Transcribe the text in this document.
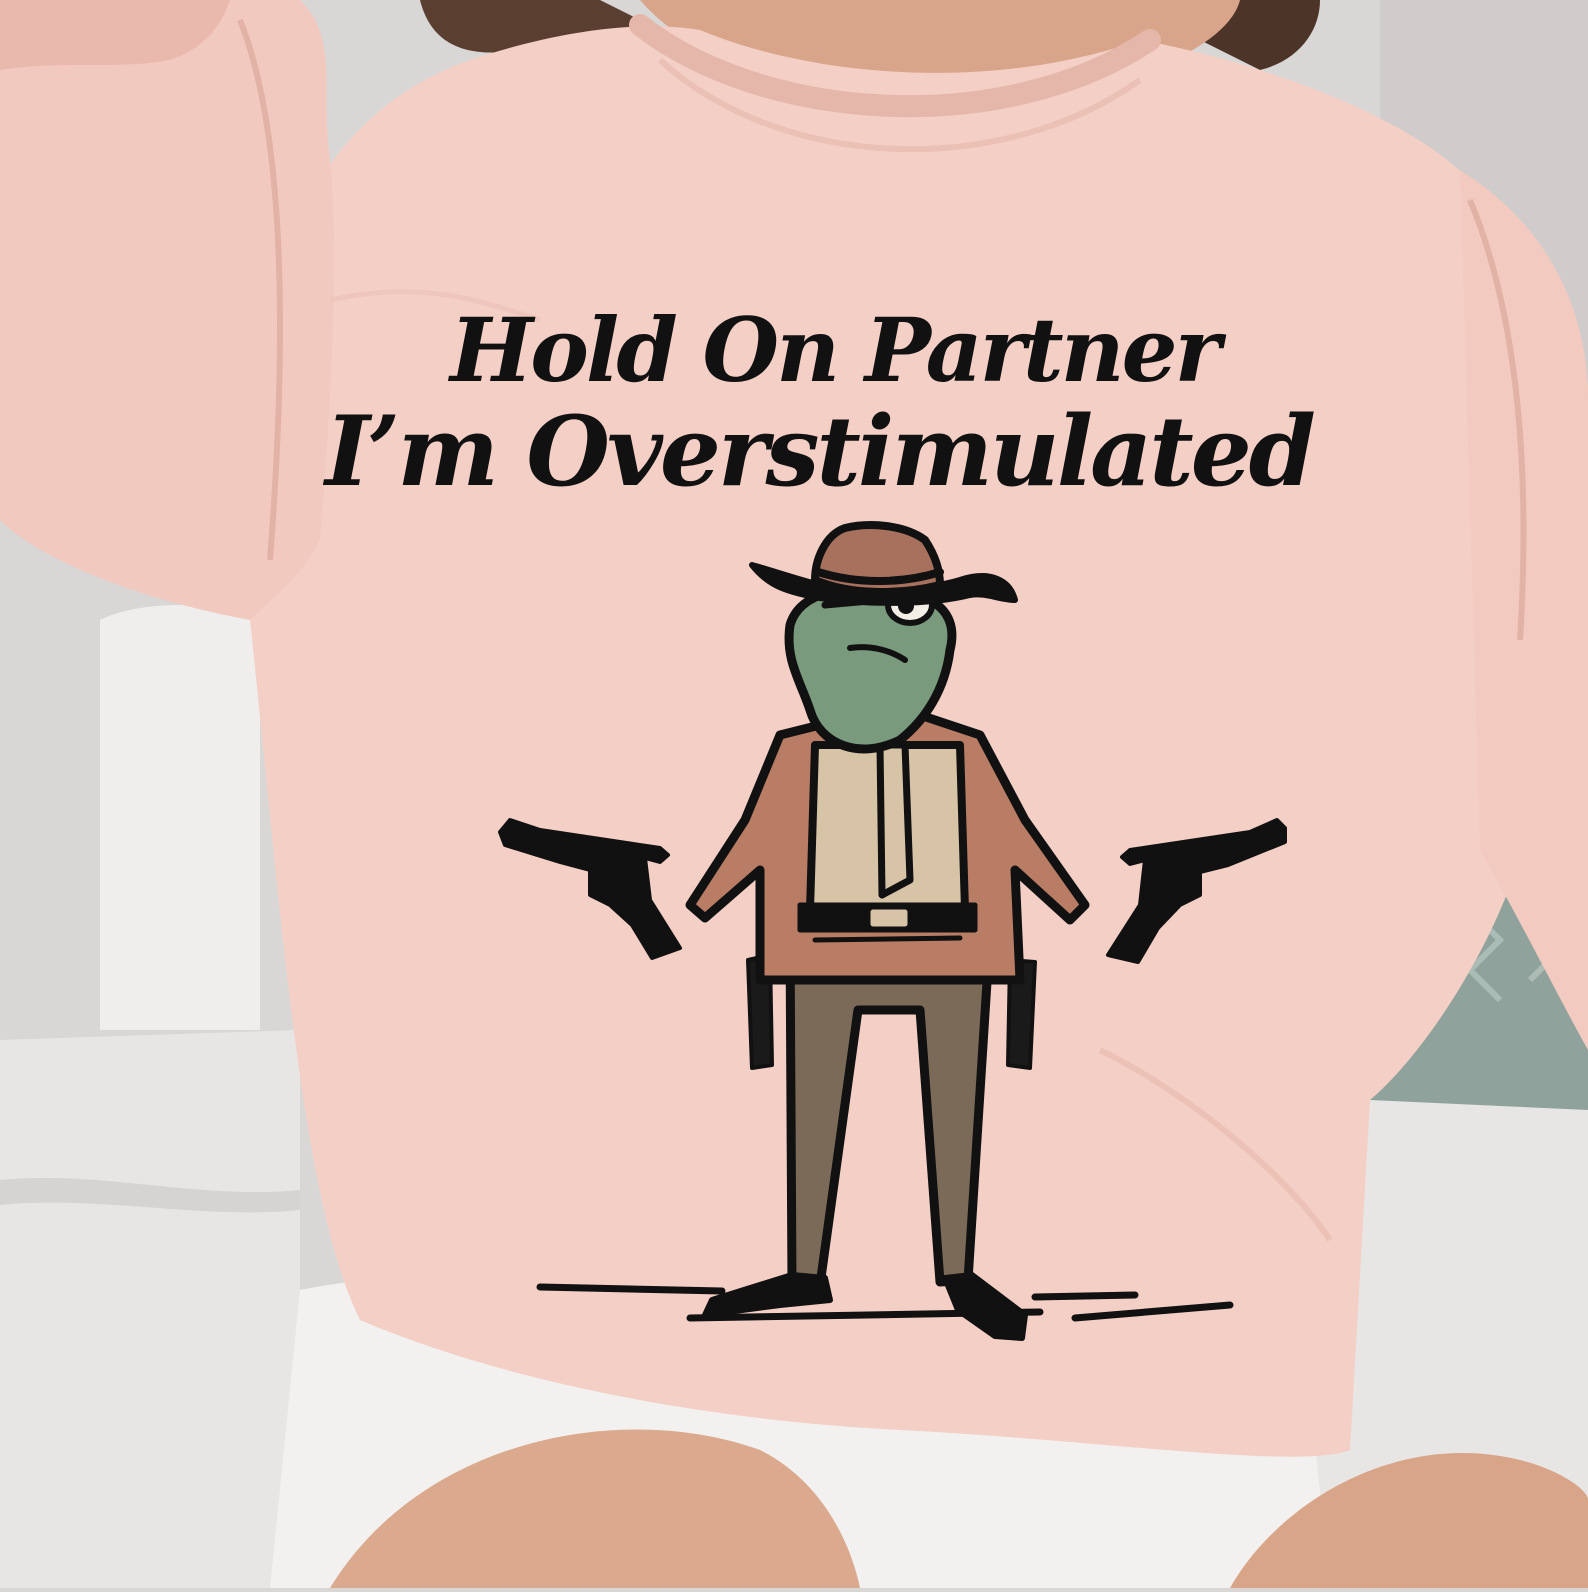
Hold On Partner
I’m Overstimulated
